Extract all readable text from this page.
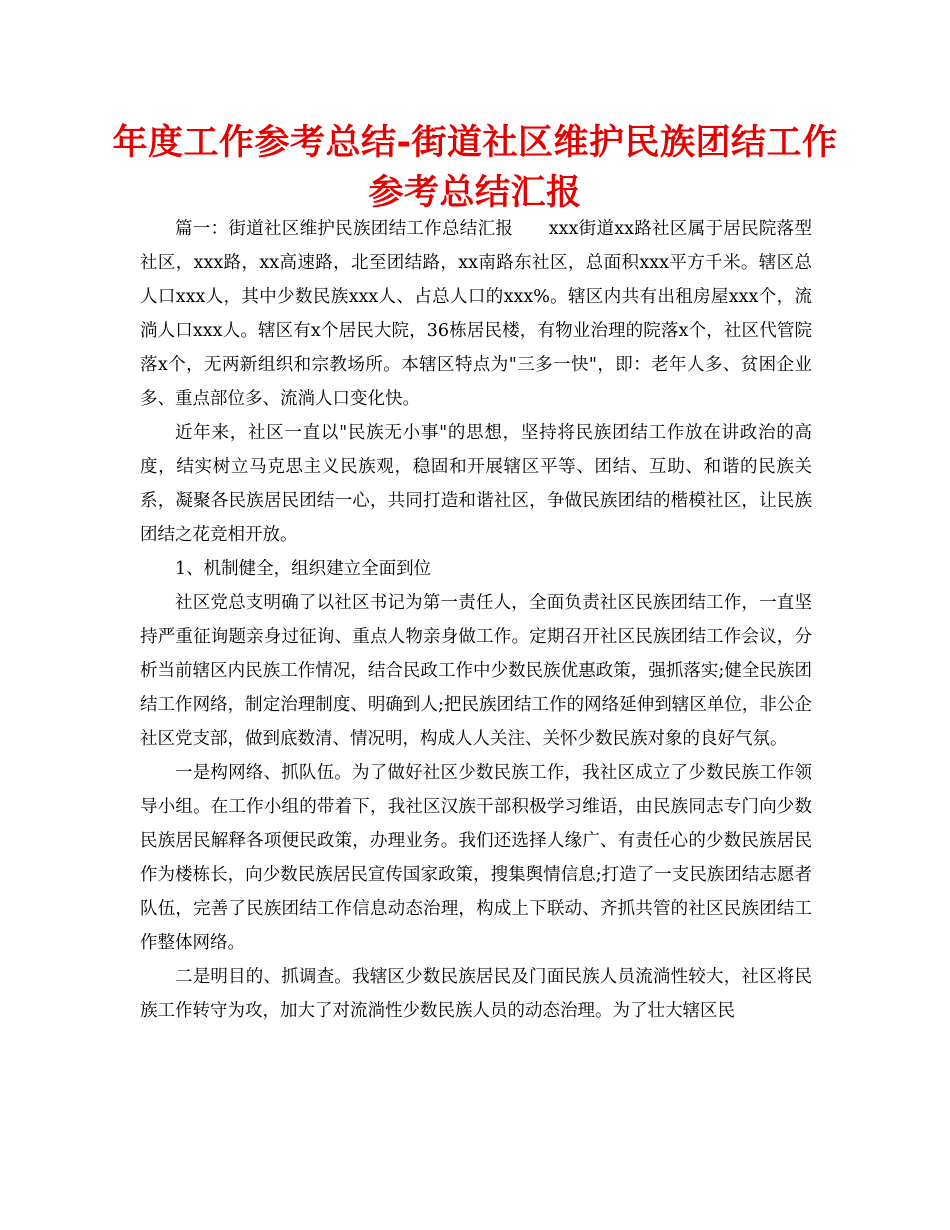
年度工作参考总结-街道社区维护民族团结工作参考总结汇报

篇一：街道社区维护民族团结工作总结汇报　　xxx街道xx路社区属于居民院落型社区，xxx路，xx高速路，北至团结路，xx南路东社区，总面积xxx平方千米。辖区总人口xxx人，其中少数民族xxx人、占总人口的xxx%。辖区内共有出租房屋xxx个，流淌人口xxx人。辖区有x个居民大院，36栋居民楼，有物业治理的院落x个，社区代管院落x个，无两新组织和宗教场所。本辖区特点为"三多一快"，即：老年人多、贫困企业多、重点部位多、流淌人口变化快。

近年来，社区一直以"民族无小事"的思想，坚持将民族团结工作放在讲政治的高度，结实树立马克思主义民族观，稳固和开展辖区平等、团结、互助、和谐的民族关系，凝聚各民族居民团结一心，共同打造和谐社区，争做民族团结的楷模社区，让民族团结之花竞相开放。

1、机制健全，组织建立全面到位

社区党总支明确了以社区书记为第一责任人，全面负责社区民族团结工作，一直坚持严重征询题亲身过征询、重点人物亲身做工作。定期召开社区民族团结工作会议，分析当前辖区内民族工作情况，结合民政工作中少数民族优惠政策，强抓落实;健全民族团结工作网络，制定治理制度、明确到人;把民族团结工作的网络延伸到辖区单位，非公企社区党支部，做到底数清、情况明，构成人人关注、关怀少数民族对象的良好气氛。

一是构网络、抓队伍。为了做好社区少数民族工作，我社区成立了少数民族工作领导小组。在工作小组的带着下，我社区汉族干部积极学习维语，由民族同志专门向少数民族居民解释各项便民政策，办理业务。我们还选择人缘广、有责任心的少数民族居民作为楼栋长，向少数民族居民宣传国家政策，搜集舆情信息;打造了一支民族团结志愿者队伍，完善了民族团结工作信息动态治理，构成上下联动、齐抓共管的社区民族团结工作整体网络。

二是明目的、抓调查。我辖区少数民族居民及门面民族人员流淌性较大，社区将民族工作转守为攻，加大了对流淌性少数民族人员的动态治理。为了壮大辖区民
